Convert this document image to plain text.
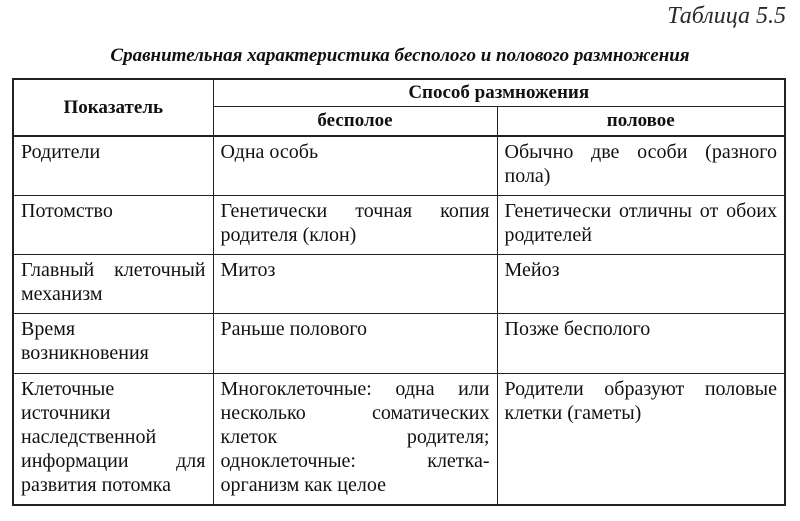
Таблица 5.5
Сравнительная характеристика бесполого и полового размножения
Показатель	Способ размножения	
	бесполое	половое
Родители	Одна особь	Обычно две особи (разного пола)
Потомство	Генетически точная копия родителя (клон)	Генетически отличны от обоих родителей
Главный клеточный механизм	Митоз	Мейоз
Время возникновения	Раньше полового	Позже бесполого
Клеточные источники наследственной информации для развития потомка	Многоклеточные: одна или несколько соматических клеток родителя; одноклеточные: клетка-организм как целое	Родители образуют половые клетки (гаметы)
